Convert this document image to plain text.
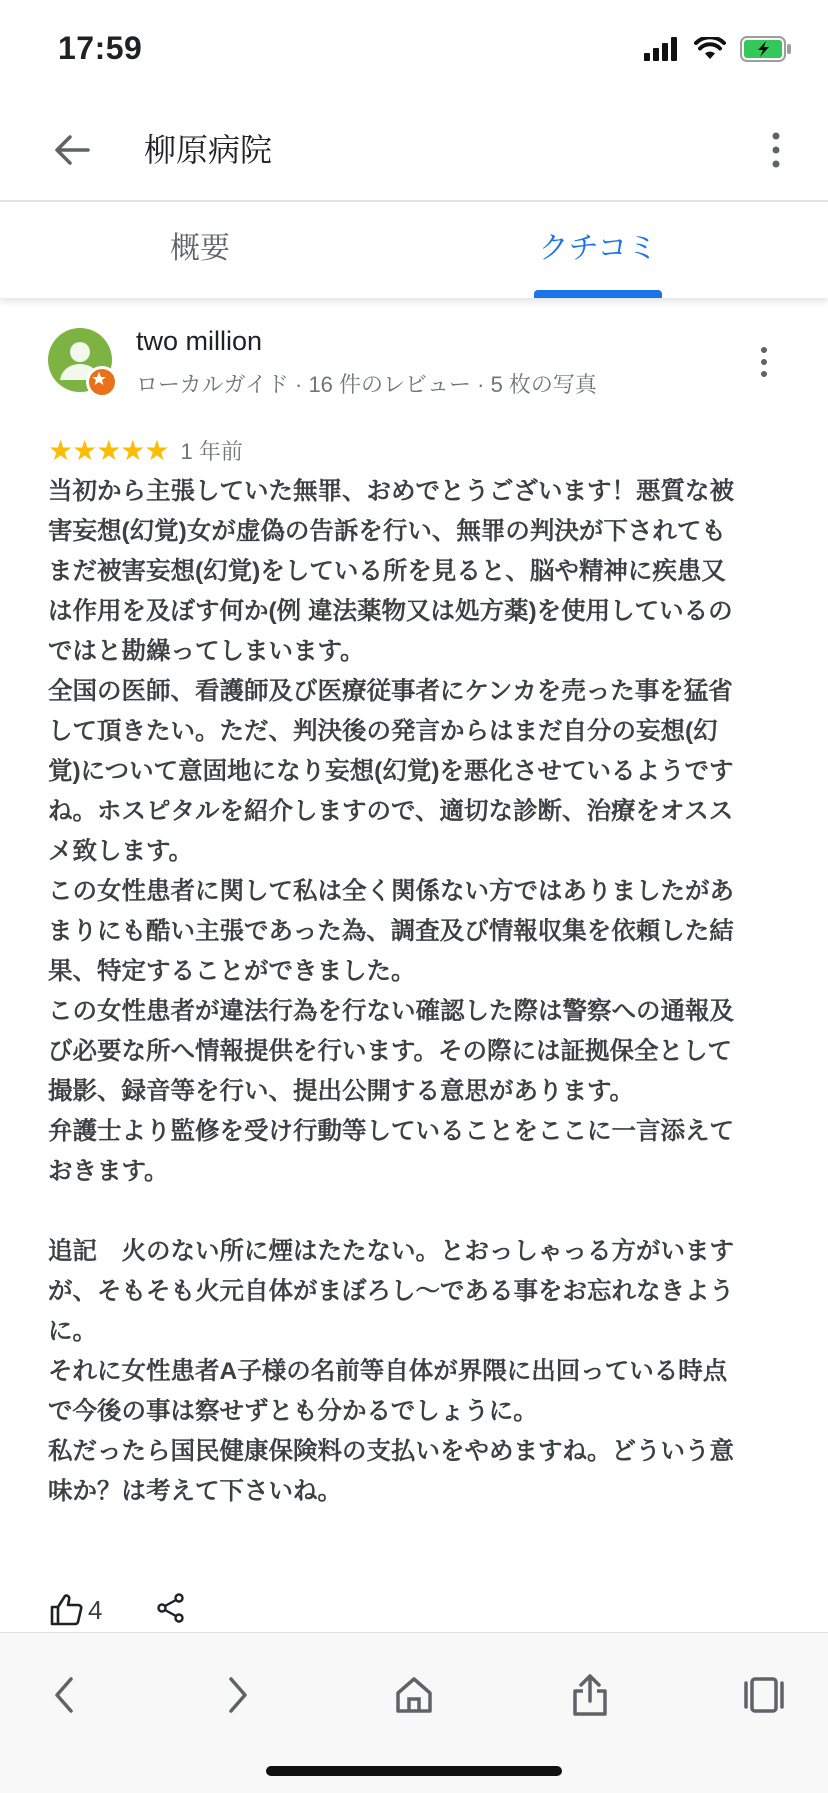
17:59
柳原病院
概要	クチコミ
two million
ローカルガイド · 16 件のレビュー · 5 枚の写真
★★★★★ 1 年前

当初から主張していた無罪、おめでとうございます！悪質な被害妄想(幻覚)女が虚偽の告訴を行い、無罪の判決が下されてもまだ被害妄想(幻覚)をしている所を見ると、脳や精神に疾患又は作用を及ぼす何か(例 違法薬物又は処方薬)を使用しているのではと勘繰ってしまいます。

全国の医師、看護師及び医療従事者にケンカを売った事を猛省して頂きたい。ただ、判決後の発言からはまだ自分の妄想(幻覚)について意固地になり妄想(幻覚)を悪化させているようですね。ホスピタルを紹介しますので、適切な診断、治療をオススメ致します。

この女性患者に関して私は全く関係ない方ではありましたがあまりにも酷い主張であった為、調査及び情報収集を依頼した結果、特定することができました。

この女性患者が違法行為を行ない確認した際は警察への通報及び必要な所へ情報提供を行います。その際には証拠保全として撮影、録音等を行い、提出公開する意思があります。

弁護士より監修を受け行動等していることをここに一言添えておきます。

追記　火のない所に煙はたたない。とおっしゃっる方がいますが、そもそも火元自体がまぼろし〜である事をお忘れなきように。

それに女性患者A子様の名前等自体が界隈に出回っている時点で今後の事は察せずとも分かるでしょうに。

私だったら国民健康保険料の支払いをやめますね。どういう意味か？は考えて下さいね。

4
